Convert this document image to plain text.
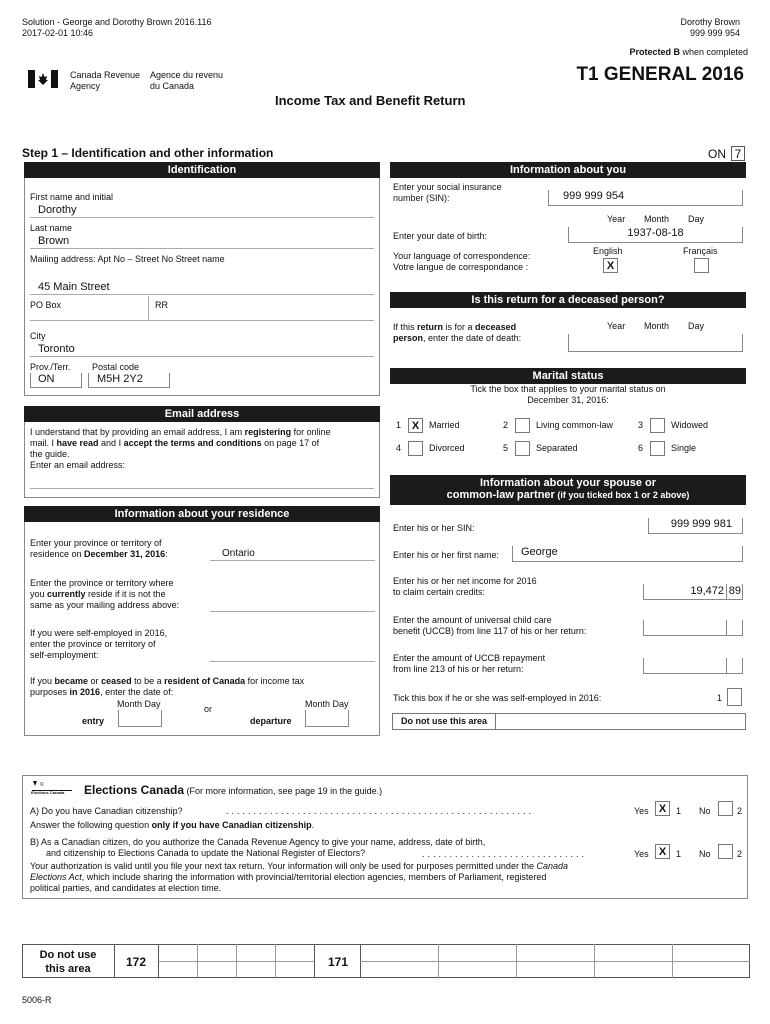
Solution - George and Dorothy Brown 2016.116
2017-02-01 10:46
Dorothy Brown
999 999 954
Protected B when completed
Canada Revenue
Agency
Agence du revenu
du Canada
T1 GENERAL 2016
Income Tax and Benefit Return
Step 1 – Identification and other information	ON 7
Identification
First name and initial
Dorothy
Last name
Brown
Mailing address: Apt No – Street No Street name
45 Main Street
PO Box	RR
City
Toronto
Prov./Terr. Postal code
ON	M5H 2Y2
Email address
I understand that by providing an email address, I am registering for online
mail. I have read and I accept the terms and conditions on page 17 of
the guide.
Enter an email address:
Information about your residence
Enter your province or territory of
residence on December 31, 2016:	Ontario
Enter the province or territory where
you currently reside if it is not the
same as your mailing address above:
If you were self-employed in 2016,
enter the province or territory of
self-employment:
If you became or ceased to be a resident of Canada for income tax
purposes in 2016, enter the date of:
Month Day	Month Day
entry
or
departure
Information about you
Enter your social insurance
number (SIN):	999 999 954
Year Month Day
Enter your date of birth:	1937-08-18
English	Français
Your language of correspondence:
Votre langue de correspondance :	X
Is this return for a deceased person?
Year Month Day
If this return is for a deceased
person, enter the date of death:
Marital status
Tick the box that applies to your marital status on
December 31, 2016:
1 X	Married	2	Living common-law	3	Widowed
4	Divorced	5	Separated	6	Single
Information about your spouse or
common-law partner (if you ticked box 1 or 2 above)
Enter his or her SIN:	999 999 981
Enter his or her first name:	George
Enter his or her net income for 2016
to claim certain credits:	19,472 89
Enter the amount of universal child care
benefit (UCCB) from line 117 of his or her return:
Enter the amount of UCCB repayment
from line 213 of his or her return:
Tick this box if he or she was self-employed in 2016:	1
Do not use this area
©
Elections Canada Elections Canada (For more information, see page 19 in the guide.)
A) Do you have Canadian citizenship?	........................................................	Yes X	1 No	2
Answer the following question only if you have Canadian citizenship.
B) As a Canadian citizen, do you authorize the Canada Revenue Agency to give your name, address, date of birth,
and citizenship to Elections Canada to update the National Register of Electors?	..............................	Yes X	1 No	2
Your authorization is valid until you file your next tax return. Your information will only be used for purposes permitted under the Canada
Elections Act, which include sharing the information with provincial/territorial election agencies, members of Parliament, registered
political parties, and candidates at election time.
Do not use
this area	172	171
5006-R
